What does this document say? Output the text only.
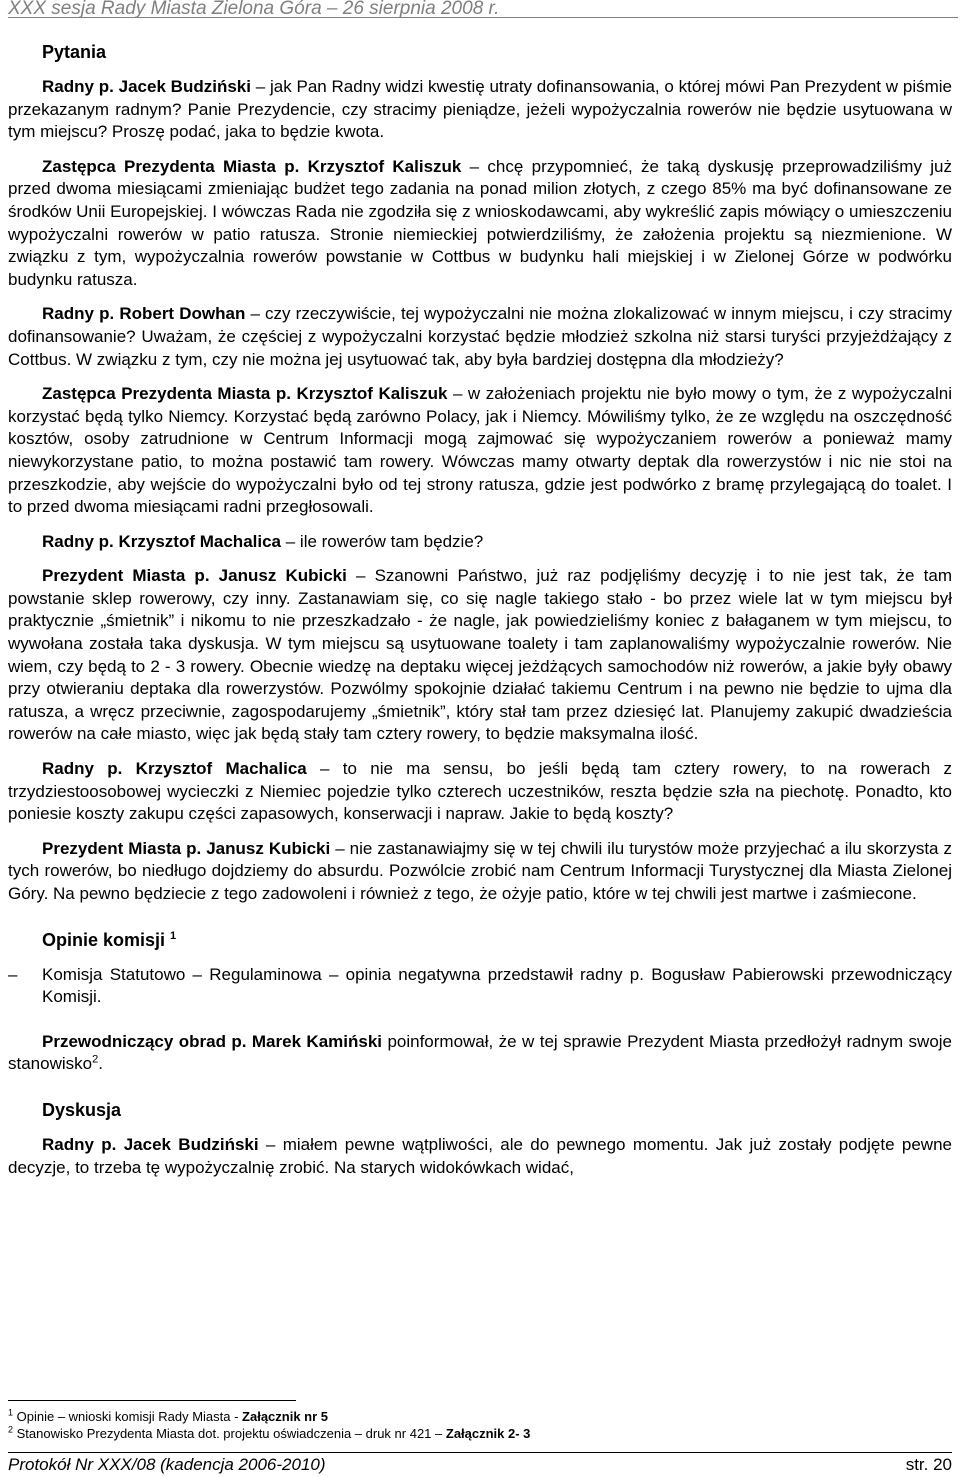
XXX sesja Rady Miasta Zielona Góra – 26 sierpnia 2008 r.

Pytania

Radny p. Jacek Budziński – jak Pan Radny widzi kwestię utraty dofinansowania, o której mówi Pan Prezydent w piśmie przekazanym radnym? Panie Prezydencie, czy stracimy pieniądze, jeżeli wypożyczalnia rowerów nie będzie usytuowana w tym miejscu? Proszę podać, jaka to będzie kwota.

Zastępca Prezydenta Miasta p. Krzysztof Kaliszuk – chcę przypomnieć, że taką dyskusję przeprowadziliśmy już przed dwoma miesiącami zmieniając budżet tego zadania na ponad milion złotych, z czego 85% ma być dofinansowane ze środków Unii Europejskiej. I wówczas Rada nie zgodziła się z wnioskodawcami, aby wykreślić zapis mówiący o umieszczeniu wypożyczalni rowerów w patio ratusza. Stronie niemieckiej potwierdziliśmy, że założenia projektu są niezmienione. W związku z tym, wypożyczalnia rowerów powstanie w Cottbus w budynku hali miejskiej i w Zielonej Górze w podwórku budynku ratusza.

Radny p. Robert Dowhan – czy rzeczywiście, tej wypożyczalni nie można zlokalizować w innym miejscu, i czy stracimy dofinansowanie? Uważam, że częściej z wypożyczalni korzystać będzie młodzież szkolna niż starsi turyści przyjeżdżający z Cottbus. W związku z tym, czy nie można jej usytuować tak, aby była bardziej dostępna dla młodzieży?

Zastępca Prezydenta Miasta p. Krzysztof Kaliszuk – w założeniach projektu nie było mowy o tym, że z wypożyczalni korzystać będą tylko Niemcy. Korzystać będą zarówno Polacy, jak i Niemcy. Mówiliśmy tylko, że ze względu na oszczędność kosztów, osoby zatrudnione w Centrum Informacji mogą zajmować się wypożyczaniem rowerów a ponieważ mamy niewykorzystane patio, to można postawić tam rowery. Wówczas mamy otwarty deptak dla rowerzystów i nic nie stoi na przeszkodzie, aby wejście do wypożyczalni było od tej strony ratusza, gdzie jest podwórko z bramę przylegającą do toalet. I to przed dwoma miesiącami radni przegłosowali.

Radny p. Krzysztof Machalica – ile rowerów tam będzie?

Prezydent Miasta p. Janusz Kubicki – Szanowni Państwo, już raz podjęliśmy decyzję i to nie jest tak, że tam powstanie sklep rowerowy, czy inny. Zastanawiam się, co się nagle takiego stało - bo przez wiele lat w tym miejscu był praktycznie „śmietnik” i nikomu to nie przeszkadzało - że nagle, jak powiedzieliśmy koniec z bałaganem w tym miejscu, to wywołana została taka dyskusja. W tym miejscu są usytuowane toalety i tam zaplanowaliśmy wypożyczalnie rowerów. Nie wiem, czy będą to 2 - 3 rowery. Obecnie wiedzę na deptaku więcej jeżdżących samochodów niż rowerów, a jakie były obawy przy otwieraniu deptaka dla rowerzystów. Pozwólmy spokojnie działać takiemu Centrum i na pewno nie będzie to ujma dla ratusza, a wręcz przeciwnie, zagospodarujemy „śmietnik”, który stał tam przez dziesięć lat. Planujemy zakupić dwadzieścia rowerów na całe miasto, więc jak będą stały tam cztery rowery, to będzie maksymalna ilość.

Radny p. Krzysztof Machalica – to nie ma sensu, bo jeśli będą tam cztery rowery, to na rowerach z trzydziestoosobowej wycieczki z Niemiec pojedzie tylko czterech uczestników, reszta będzie szła na piechotę. Ponadto, kto poniesie koszty zakupu części zapasowych, konserwacji i napraw. Jakie to będą koszty?

Prezydent Miasta p. Janusz Kubicki – nie zastanawiajmy się w tej chwili ilu turystów może przyjechać a ilu skorzysta z tych rowerów, bo niedługo dojdziemy do absurdu. Pozwólcie zrobić nam Centrum Informacji Turystycznej dla Miasta Zielonej Góry. Na pewno będziecie z tego zadowoleni i również z tego, że ożyje patio, które w tej chwili jest martwe i zaśmiecone.

Opinie komisji $^1$

– Komisja Statutowo – Regulaminowa – opinia negatywna przedstawił radny p. Bogusław Pabierowski przewodniczący Komisji.

Przewodniczący obrad p. Marek Kamiński poinformował, że w tej sprawie Prezydent Miasta przedłożył radnym swoje stanowisko$^2$.

Dyskusja

Radny p. Jacek Budziński – miałem pewne wątpliwości, ale do pewnego momentu. Jak już zostały podjęte pewne decyzje, to trzeba tę wypożyczalnię zrobić. Na starych widokówkach widać,

$^1$ Opinie – wnioski komisji Rady Miasta - Załącznik nr 5
$^2$ Stanowisko Prezydenta Miasta dot. projektu oświadczenia – druk nr 421 – Załącznik 2- 3
Protokół Nr XXX/08 (kadencja 2006-2010)	str. 20
